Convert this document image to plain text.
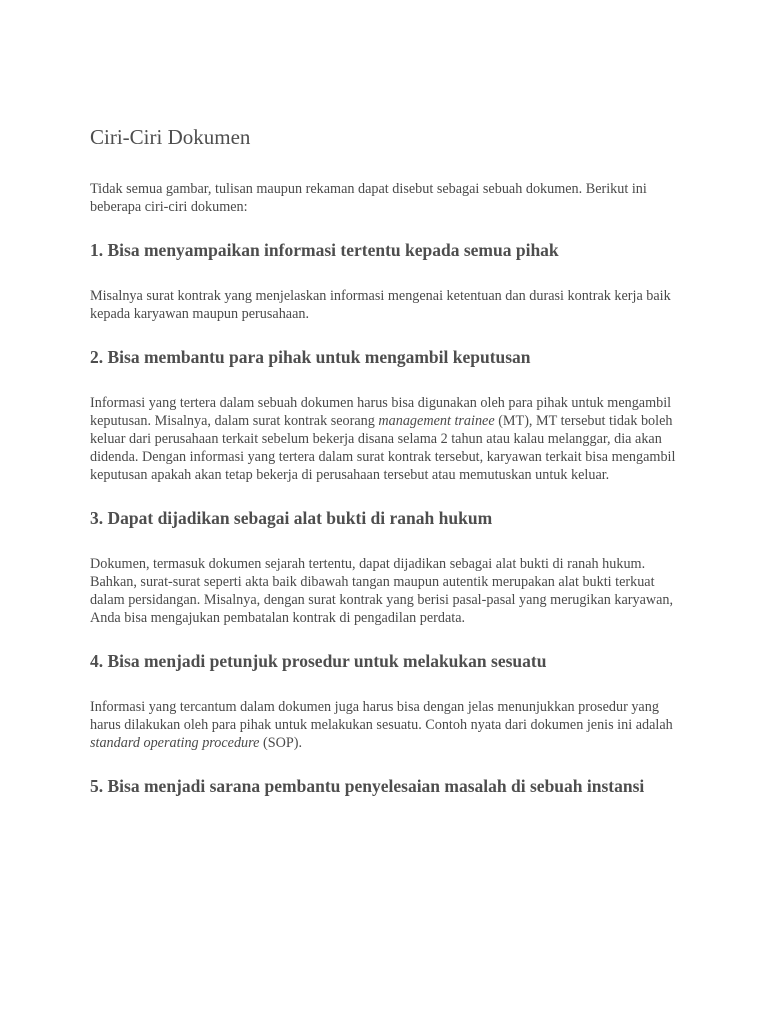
Ciri-Ciri Dokumen

Tidak semua gambar, tulisan maupun rekaman dapat disebut sebagai sebuah dokumen. Berikut ini beberapa ciri-ciri dokumen:

1. Bisa menyampaikan informasi tertentu kepada semua pihak

Misalnya surat kontrak yang menjelaskan informasi mengenai ketentuan dan durasi kontrak kerja baik kepada karyawan maupun perusahaan.

2. Bisa membantu para pihak untuk mengambil keputusan

Informasi yang tertera dalam sebuah dokumen harus bisa digunakan oleh para pihak untuk mengambil keputusan. Misalnya, dalam surat kontrak seorang management trainee (MT), MT tersebut tidak boleh keluar dari perusahaan terkait sebelum bekerja disana selama 2 tahun atau kalau melanggar, dia akan didenda. Dengan informasi yang tertera dalam surat kontrak tersebut, karyawan terkait bisa mengambil keputusan apakah akan tetap bekerja di perusahaan tersebut atau memutuskan untuk keluar.

3. Dapat dijadikan sebagai alat bukti di ranah hukum

Dokumen, termasuk dokumen sejarah tertentu, dapat dijadikan sebagai alat bukti di ranah hukum. Bahkan, surat-surat seperti akta baik dibawah tangan maupun autentik merupakan alat bukti terkuat dalam persidangan. Misalnya, dengan surat kontrak yang berisi pasal-pasal yang merugikan karyawan, Anda bisa mengajukan pembatalan kontrak di pengadilan perdata.

4. Bisa menjadi petunjuk prosedur untuk melakukan sesuatu

Informasi yang tercantum dalam dokumen juga harus bisa dengan jelas menunjukkan prosedur yang harus dilakukan oleh para pihak untuk melakukan sesuatu. Contoh nyata dari dokumen jenis ini adalah standard operating procedure (SOP).

5. Bisa menjadi sarana pembantu penyelesaian masalah di sebuah instansi
